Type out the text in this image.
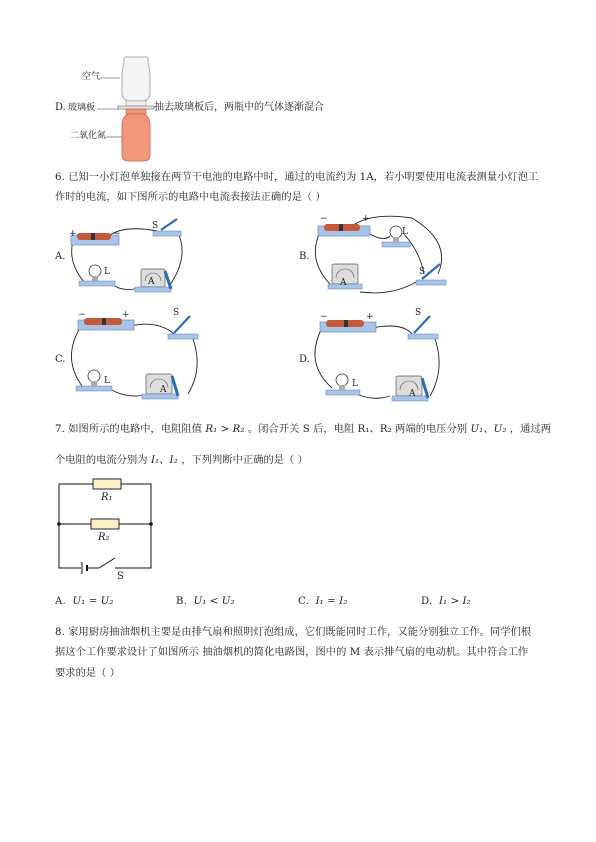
空气
D. 玻璃板	抽去玻璃板后，两瓶中的气体逐渐混合
二氧化氮
6. 已知一小灯泡单独接在两节干电池的电路中时，通过的电流约为 1A，若小明要使用电流表测量小灯泡工
作时的电流，如下图所示的电路中电流表接法正确的是（ ）
A.
+	−
S
L
A
B.
−	+
L
S
A
C.
−	+	S
L
A
D.
−	+	S
L
A
7. 如图所示的电路中，电阻阻值 R₁ > R₂ 。闭合开关 S 后，电阻 R₁、R₂ 两端的电压分别 U₁、U₂ ，通过两
个电阻的电流分别为 I₁、I₂ ，下列判断中正确的是（ ）
R₁
R₂
S
A. U₁ = U₂	B. U₁ < U₂	C. I₁ = I₂	D. I₁ > I₂
8. 家用厨房抽油烟机主要是由排气扇和照明灯泡组成，它们既能同时工作，又能分别独立工作。同学们根
据这个工作要求设计了如图所示 抽油烟机的简化电路图，图中的 M 表示排气扇的电动机。其中符合工作
要求的是（ ）
